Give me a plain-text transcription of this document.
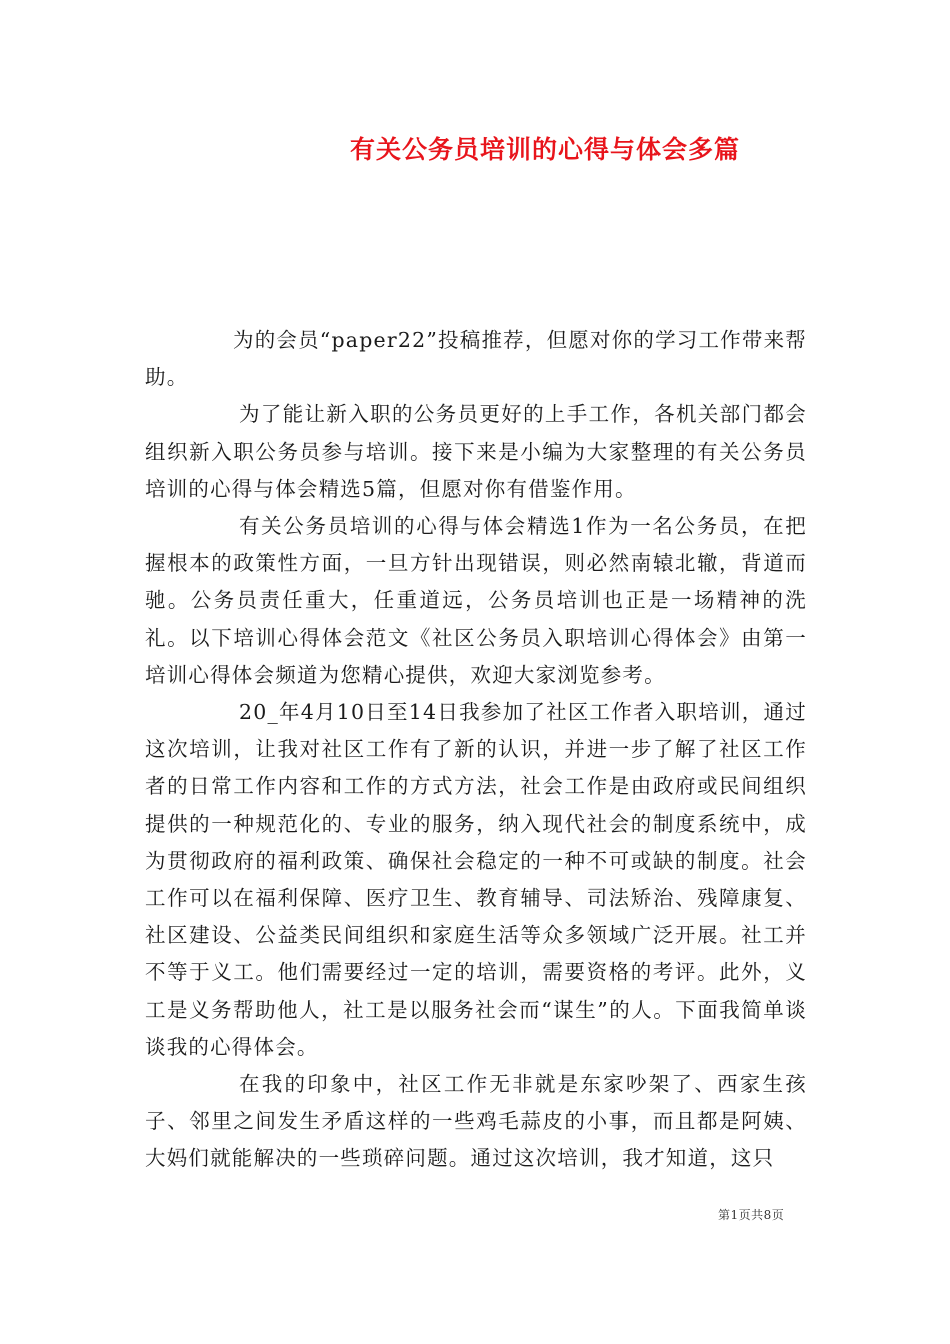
有关公务员培训的心得与体会多篇

为的会员“paper22”投稿推荐，但愿对你的学习工作带来帮助。

为了能让新入职的公务员更好的上手工作，各机关部门都会组织新入职公务员参与培训。接下来是小编为大家整理的有关公务员培训的心得与体会精选5篇，但愿对你有借鉴作用。

有关公务员培训的心得与体会精选1作为一名公务员，在把握根本的政策性方面，一旦方针出现错误，则必然南辕北辙，背道而驰。公务员责任重大，任重道远，公务员培训也正是一场精神的洗礼。以下培训心得体会范文《社区公务员入职培训心得体会》由第一培训心得体会频道为您精心提供，欢迎大家浏览参考。

20_年4月10日至14日我参加了社区工作者入职培训，通过这次培训，让我对社区工作有了新的认识，并进一步了解了社区工作者的日常工作内容和工作的方式方法，社会工作是由政府或民间组织提供的一种规范化的、专业的服务，纳入现代社会的制度系统中，成为贯彻政府的福利政策、确保社会稳定的一种不可或缺的制度。社会工作可以在福利保障、医疗卫生、教育辅导、司法矫治、残障康复、社区建设、公益类民间组织和家庭生活等众多领域广泛开展。社工并不等于义工。他们需要经过一定的培训，需要资格的考评。此外，义工是义务帮助他人，社工是以服务社会而“谋生”的人。下面我简单谈谈我的心得体会。

在我的印象中，社区工作无非就是东家吵架了、西家生孩子、邻里之间发生矛盾这样的一些鸡毛蒜皮的小事，而且都是阿姨、大妈们就能解决的一些琐碎问题。通过这次培训，我才知道，这只

第1页共8页
